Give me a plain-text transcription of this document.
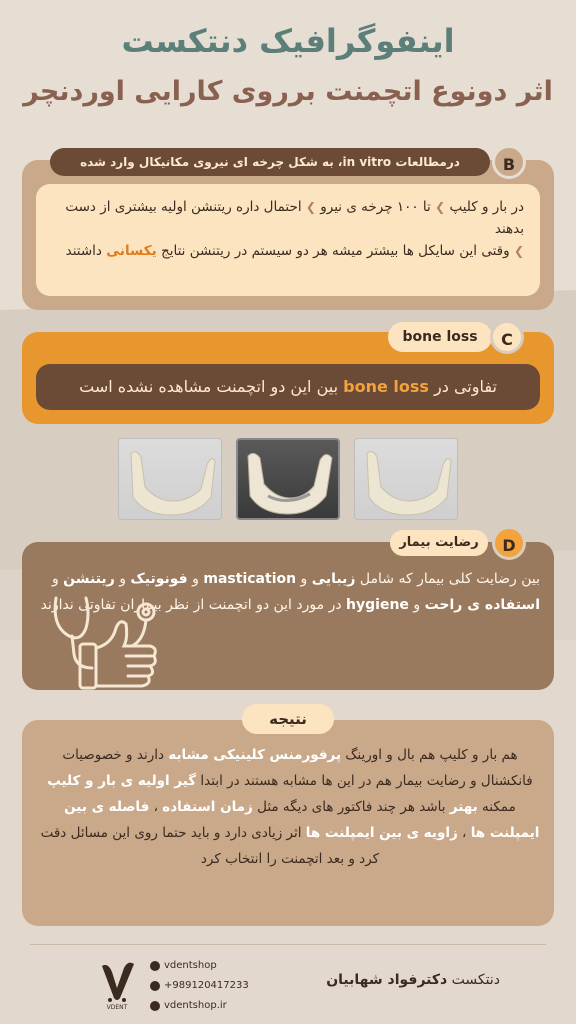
اینفوگرافیک دنتکست
اثر دونوع اتچمنت برروی کارایی اوردنچر
در بار و کلیپ ❯ تا ۱۰۰ چرخه ی نیرو ❯ احتمال داره ریتنشن اولیه بیشتری از دست بدهند
❯ وقتی این سایکل ها بیشتر میشه هر دو سیستم در ریتنشن نتایج یکسانی داشتند
درمطالعات in vitro، به شکل چرخه ای نیروی مکانیکال وارد شده	B
bone loss	C
تفاوتی در bone loss بین این دو اتچمنت مشاهده نشده است
رضایت بیمار	D
بین رضایت کلی بیمار که شامل زیبایی و mastication و فونوتیک و ریتنشن و استفاده ی راحت و hygiene در مورد این دو اتچمنت از نظر بیماران تفاوتی ندارند
نتیجه
هم بار و کلیپ هم بال و اورینگ پرفورمنس کلینیکی مشابه دارند و خصوصیات فانکشنال و رضایت بیمار هم در این ها مشابه هستند در ابتدا گیر اولیه ی بار و کلیپ ممکنه بهتر باشد هر چند فاکتور های دیگه مثل زمان استفاده ، فاصله ی بین ایمپلنت ها ، زاویه ی بین ایمپلنت ها اثر زیادی دارد و باید حتما روی این مسائل دقت کرد و بعد اتچمنت را انتخاب کرد
دنتکست دکترفواد شهابیان
vdentshop
+989120417233
vdentshop.ir
VDENT
